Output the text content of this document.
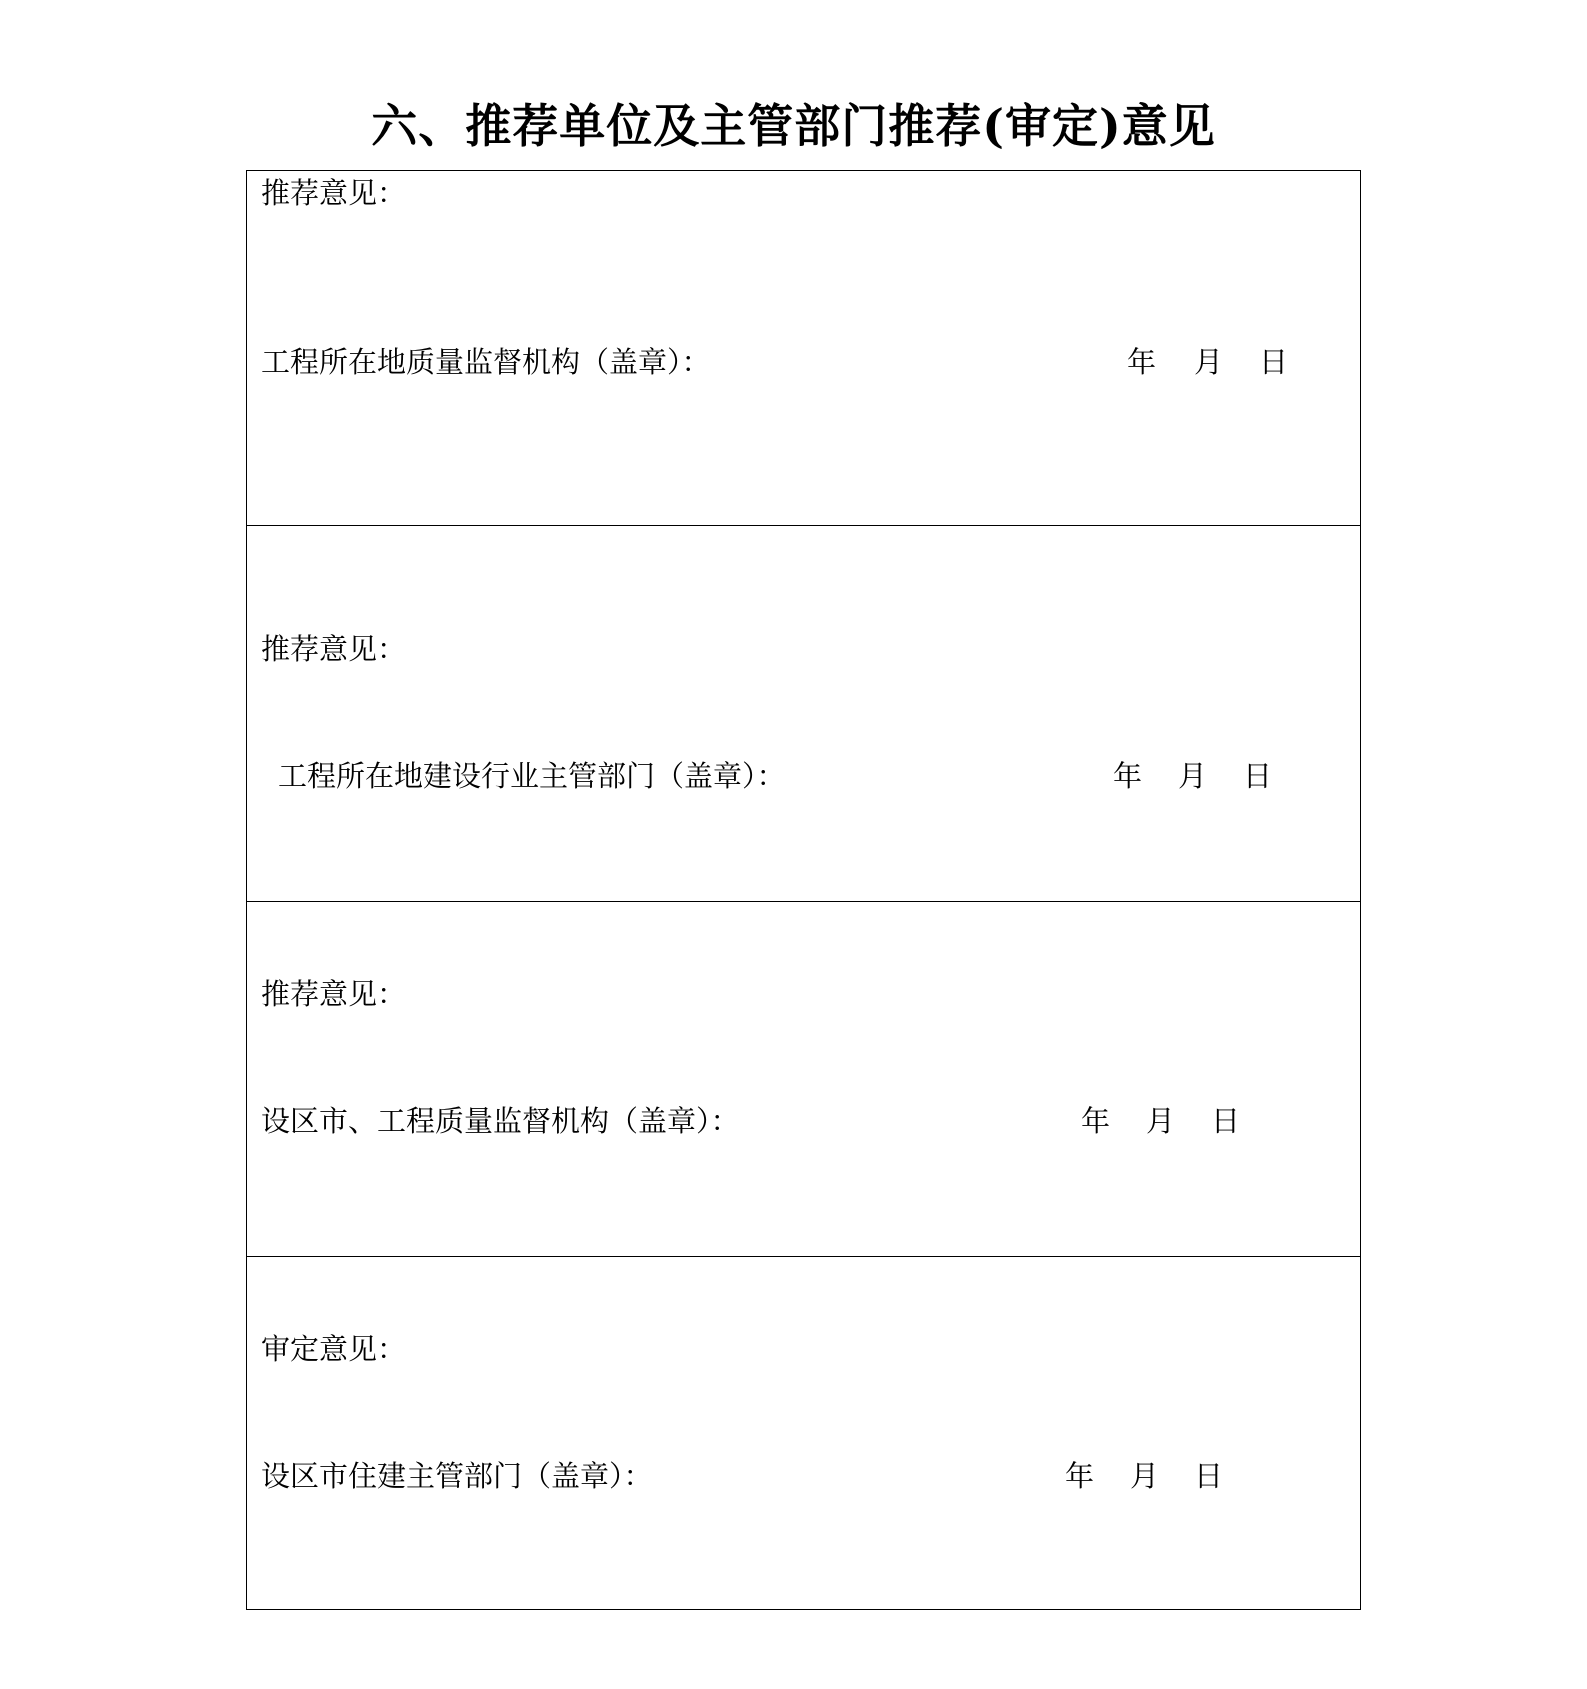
六、推荐单位及主管部门推荐(审定)意见
推荐意见：
工程所在地质量监督机构（盖章）：	年 月 日
推荐意见：
工程所在地建设行业主管部门（盖章）：	年 月 日
推荐意见：
设区市、工程质量监督机构（盖章）：	年 月 日
审定意见：
设区市住建主管部门（盖章）：	年 月 日
